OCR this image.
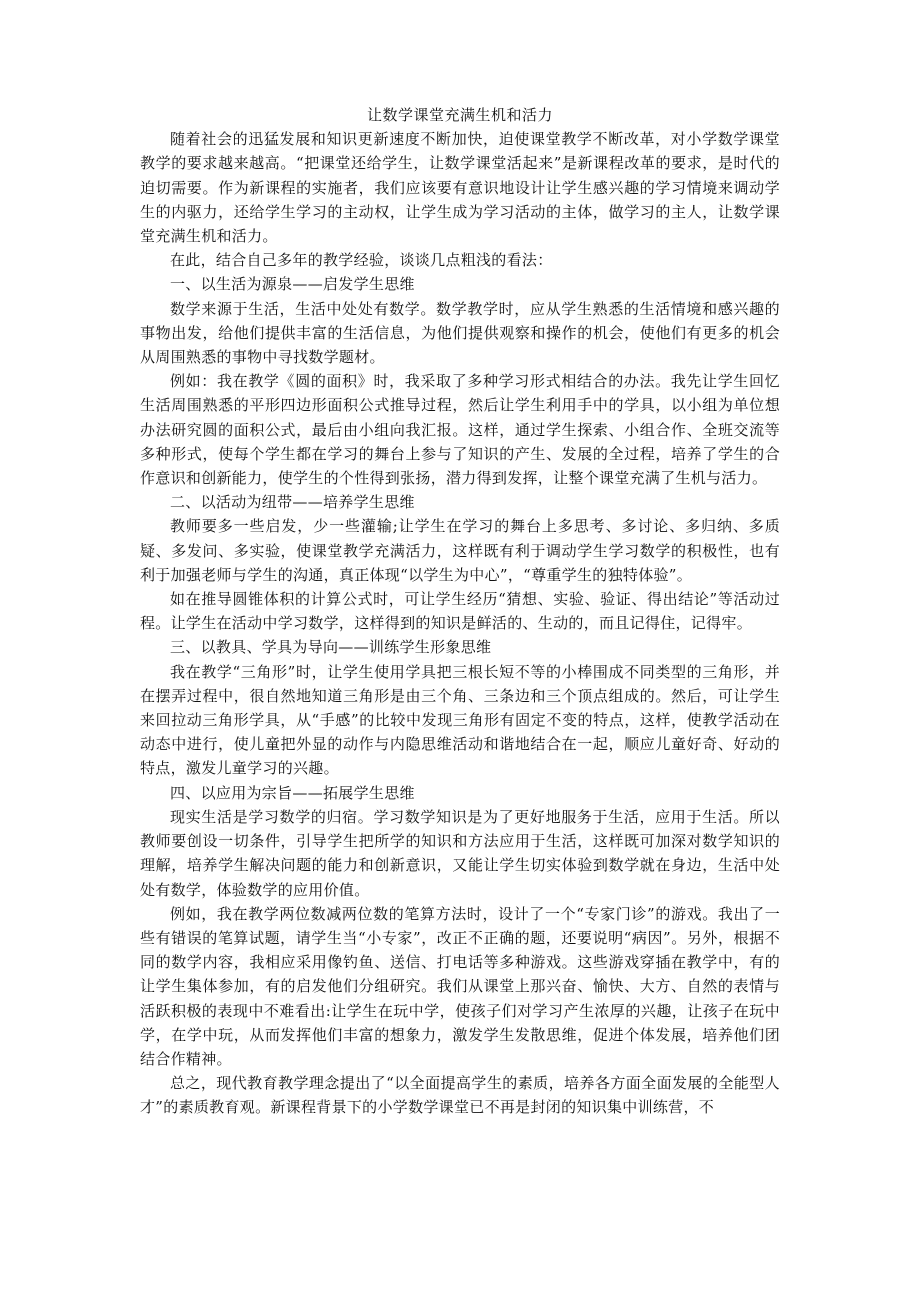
让数学课堂充满生机和活力

随着社会的迅猛发展和知识更新速度不断加快，迫使课堂教学不断改革，对小学数学课堂教学的要求越来越高。“把课堂还给学生，让数学课堂活起来”是新课程改革的要求，是时代的迫切需要。作为新课程的实施者，我们应该要有意识地设计让学生感兴趣的学习情境来调动学生的内驱力，还给学生学习的主动权，让学生成为学习活动的主体，做学习的主人，让数学课堂充满生机和活力。

在此，结合自己多年的教学经验，谈谈几点粗浅的看法：

一、以生活为源泉——启发学生思维

数学来源于生活，生活中处处有数学。数学教学时，应从学生熟悉的生活情境和感兴趣的事物出发，给他们提供丰富的生活信息，为他们提供观察和操作的机会，使他们有更多的机会从周围熟悉的事物中寻找数学题材。

例如：我在教学《圆的面积》时，我采取了多种学习形式相结合的办法。我先让学生回忆生活周围熟悉的平形四边形面积公式推导过程，然后让学生利用手中的学具，以小组为单位想办法研究圆的面积公式，最后由小组向我汇报。这样，通过学生探索、小组合作、全班交流等多种形式，使每个学生都在学习的舞台上参与了知识的产生、发展的全过程，培养了学生的合作意识和创新能力，使学生的个性得到张扬，潜力得到发挥，让整个课堂充满了生机与活力。

二、以活动为纽带——培养学生思维

教师要多一些启发，少一些灌输;让学生在学习的舞台上多思考、多讨论、多归纳、多质疑、多发问、多实验，使课堂教学充满活力，这样既有利于调动学生学习数学的积极性，也有利于加强老师与学生的沟通，真正体现“以学生为中心”，“尊重学生的独特体验”。

如在推导圆锥体积的计算公式时，可让学生经历“猜想、实验、验证、得出结论”等活动过程。让学生在活动中学习数学，这样得到的知识是鲜活的、生动的，而且记得住，记得牢。

三、以教具、学具为导向——训练学生形象思维

我在教学“三角形”时，让学生使用学具把三根长短不等的小棒围成不同类型的三角形，并在摆弄过程中，很自然地知道三角形是由三个角、三条边和三个顶点组成的。然后，可让学生来回拉动三角形学具，从“手感”的比较中发现三角形有固定不变的特点，这样，使教学活动在动态中进行，使儿童把外显的动作与内隐思维活动和谐地结合在一起，顺应儿童好奇、好动的特点，激发儿童学习的兴趣。

四、以应用为宗旨——拓展学生思维

现实生活是学习数学的归宿。学习数学知识是为了更好地服务于生活，应用于生活。所以教师要创设一切条件，引导学生把所学的知识和方法应用于生活，这样既可加深对数学知识的理解，培养学生解决问题的能力和创新意识，又能让学生切实体验到数学就在身边，生活中处处有数学，体验数学的应用价值。

例如，我在教学两位数减两位数的笔算方法时，设计了一个“专家门诊”的游戏。我出了一些有错误的笔算试题，请学生当“小专家”，改正不正确的题，还要说明“病因”。另外，根据不同的数学内容，我相应采用像钓鱼、送信、打电话等多种游戏。这些游戏穿插在教学中，有的让学生集体参加，有的启发他们分组研究。我们从课堂上那兴奋、愉快、大方、自然的表情与活跃积极的表现中不难看出:让学生在玩中学，使孩子们对学习产生浓厚的兴趣，让孩子在玩中学，在学中玩，从而发挥他们丰富的想象力，激发学生发散思维，促进个体发展，培养他们团结合作精神。

总之，现代教育教学理念提出了“以全面提高学生的素质，培养各方面全面发展的全能型人才”的素质教育观。新课程背景下的小学数学课堂已不再是封闭的知识集中训练营，不
